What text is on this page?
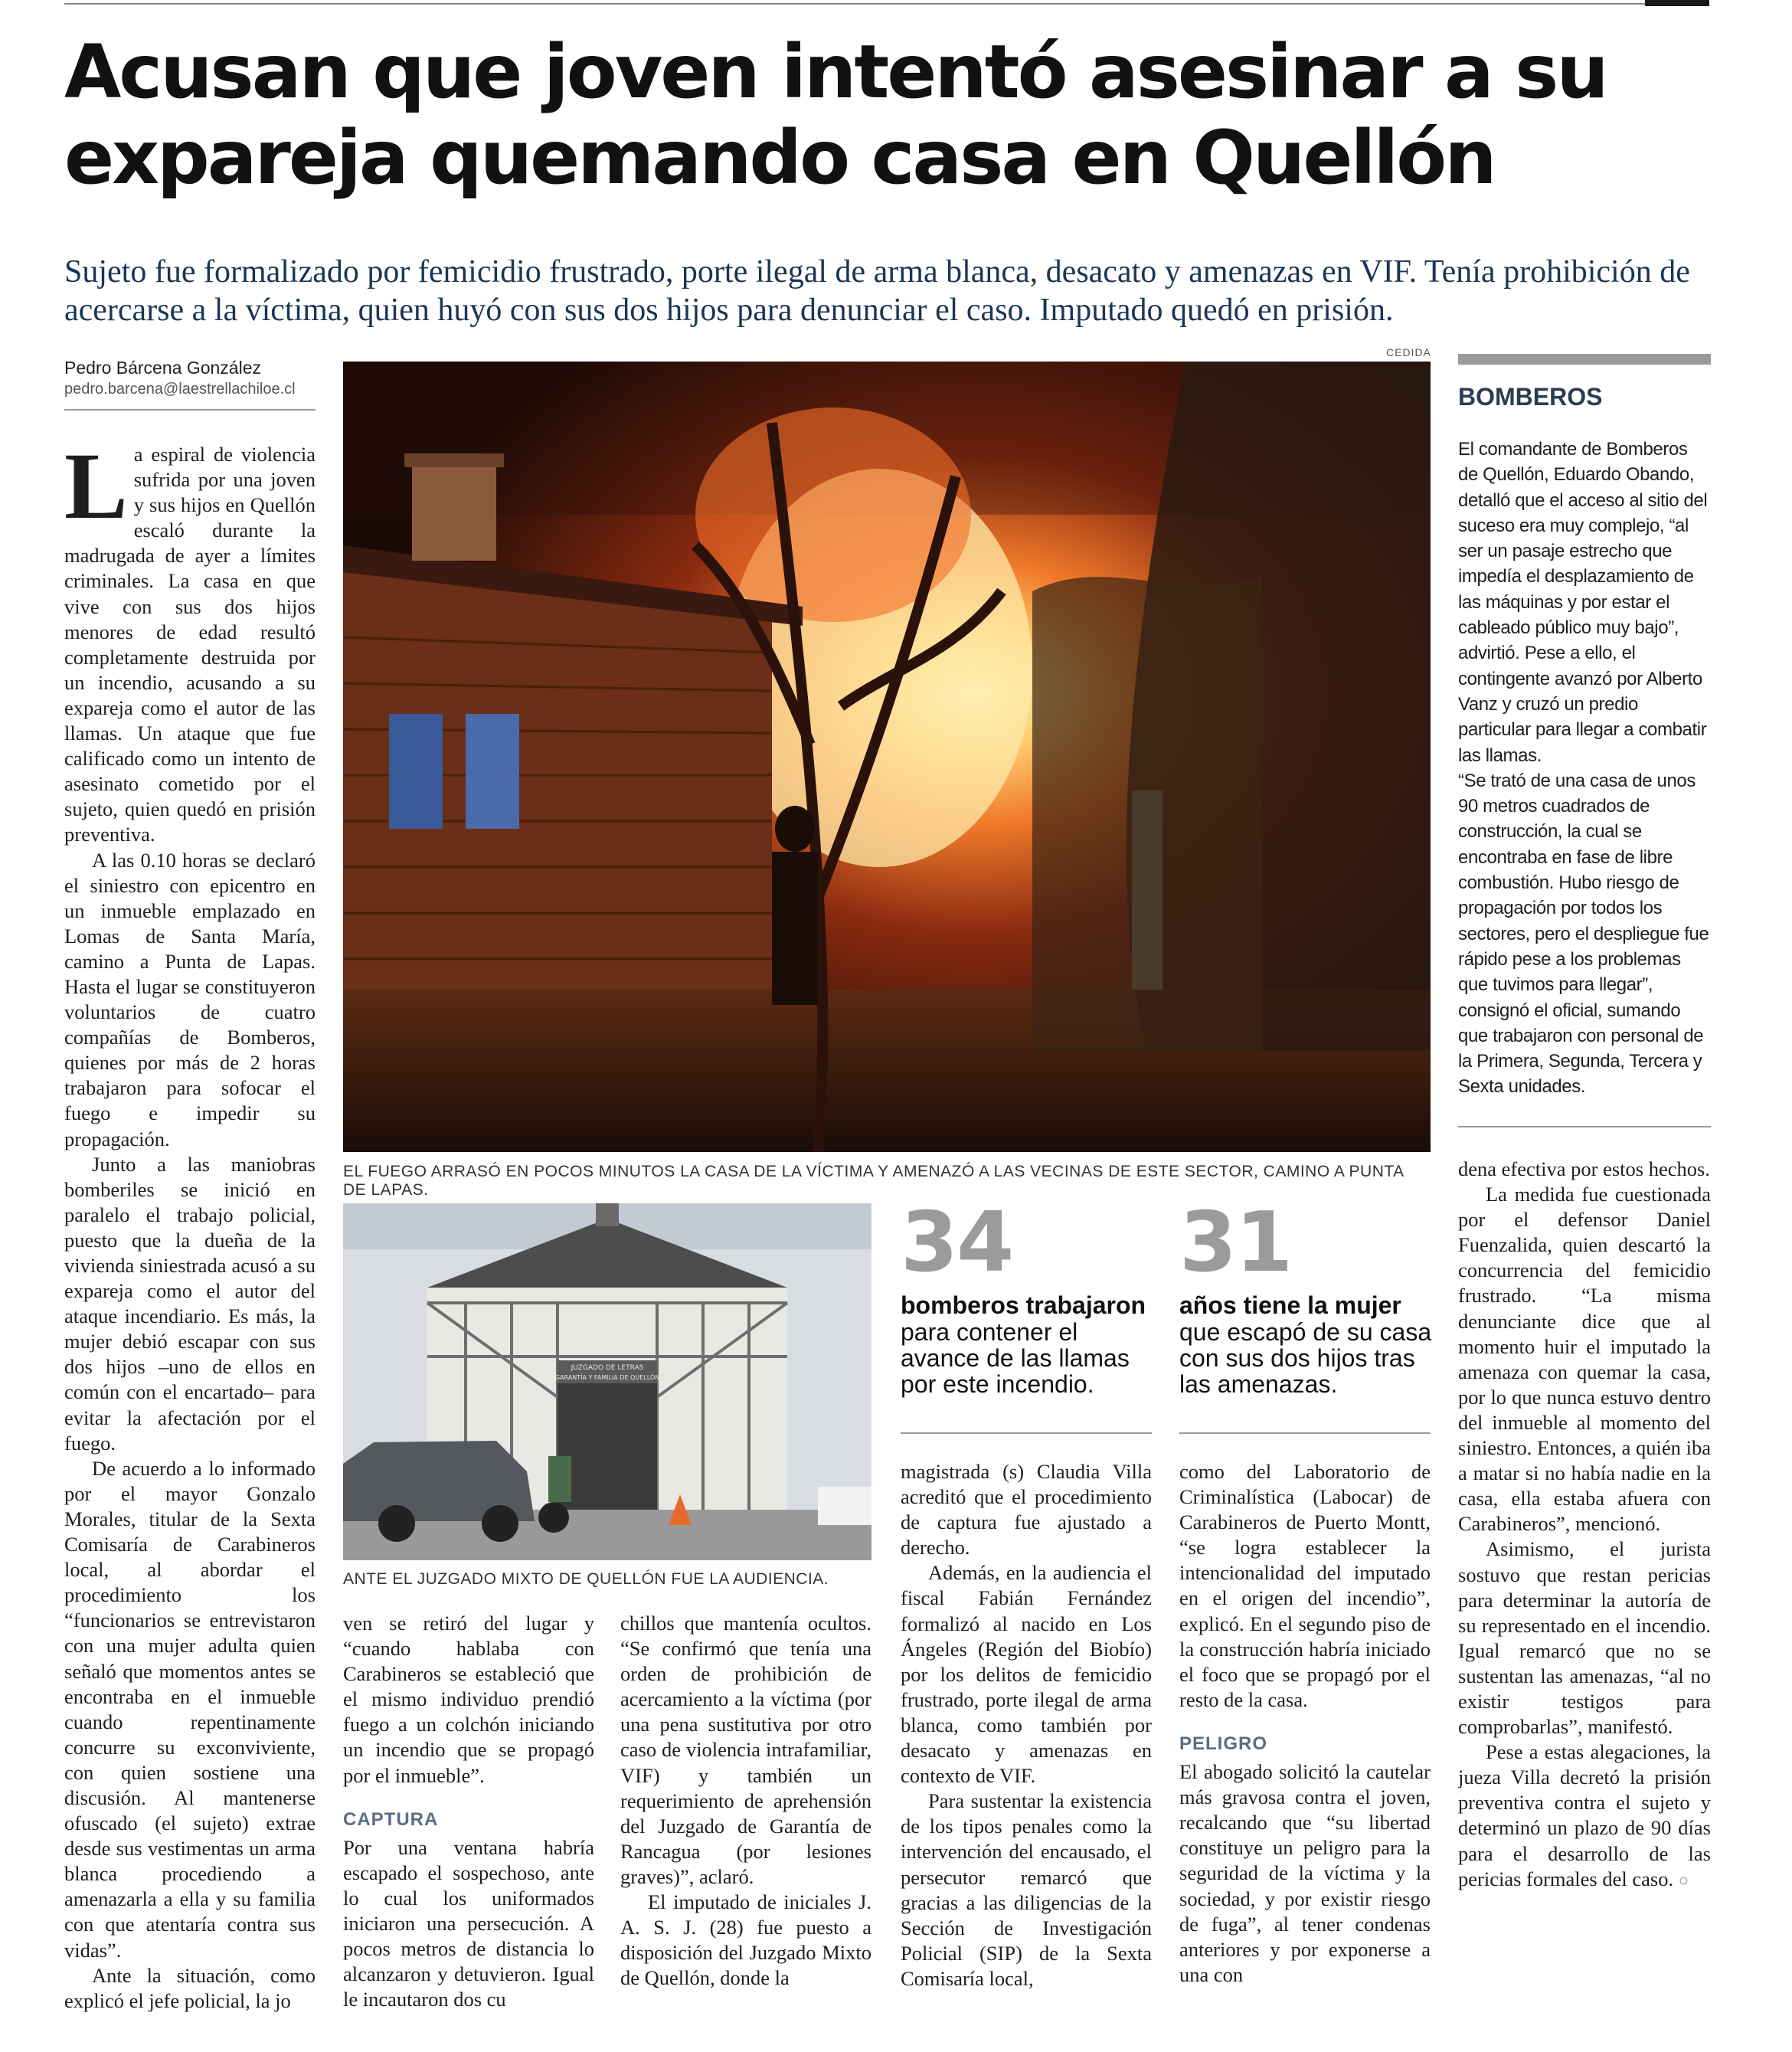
Acusan que joven intentó asesinar a su expareja quemando casa en Quellón
Sujeto fue formalizado por femicidio frustrado, porte ilegal de arma blanca, desacato y amenazas en VIF. Tenía prohibición de acercarse a la víctima, quien huyó con sus dos hijos para denunciar el caso. Imputado quedó en prisión.
Pedro Bárcena González
pedro.barcena@laestrellachiloe.cl

La espiral de violencia sufrida por una joven y sus hijos en Quellón escaló durante la madrugada de ayer a límites criminales. La casa en que vive con sus dos hijos menores de edad resultó completamente destruida por un incendio, acusando a su expareja como el autor de las llamas. Un ataque que fue calificado como un intento de asesinato cometido por el sujeto, quien quedó en prisión preventiva.

A las 0.10 horas se declaró el siniestro con epicentro en un inmueble emplazado en Lomas de Santa María, camino a Punta de Lapas. Hasta el lugar se constituyeron voluntarios de cuatro compañías de Bomberos, quienes por más de 2 horas trabajaron para sofocar el fuego e impedir su propagación.

Junto a las maniobras bomberiles se inició en paralelo el trabajo policial, puesto que la dueña de la vivienda siniestrada acusó a su expareja como el autor del ataque incendiario. Es más, la mujer debió escapar con sus dos hijos –uno de ellos en común con el encartado– para evitar la afectación por el fuego.

De acuerdo a lo informado por el mayor Gonzalo Morales, titular de la Sexta Comisaría de Carabineros local, al abordar el procedimiento los “funcionarios se entrevistaron con una mujer adulta quien señaló que momentos antes se encontraba en el inmueble cuando repentinamente concurre su exconviviente, con quien sostiene una discusión. Al mantenerse ofuscado (el sujeto) extrae desde sus vestimentas un arma blanca procediendo a amenazarla a ella y su familia con que atentaría contra sus vidas”.

Ante la situación, como explicó el jefe policial, la jo

CEDIDA
EL FUEGO ARRASÓ EN POCOS MINUTOS LA CASA DE LA VÍCTIMA Y AMENAZÓ A LAS VECINAS DE ESTE SECTOR, CAMINO A PUNTA DE LAPAS.
JUZGADO DE LETRAS
GARANTÍA Y FAMILIA DE QUELLÓN
ANTE EL JUZGADO MIXTO DE QUELLÓN FUE LA AUDIENCIA.
34
bomberos trabajaron
para contener el avance de las llamas por este incendio.
31
años tiene la mujer
que escapó de su casa con sus dos hijos tras las amenazas.

ven se retiró del lugar y “cuando hablaba con Carabineros se estableció que el mismo individuo prendió fuego a un colchón iniciando un incendio que se propagó por el inmueble”.

CAPTURA

Por una ventana habría escapado el sospechoso, ante lo cual los uniformados iniciaron una persecución. A pocos metros de distancia lo alcanzaron y detuvieron. Igual le incautaron dos cu

chillos que mantenía ocultos. “Se confirmó que tenía una orden de prohibición de acercamiento a la víctima (por una pena sustitutiva por otro caso de violencia intrafamiliar, VIF) y también un requerimiento de aprehensión del Juzgado de Garantía de Rancagua (por lesiones graves)”, aclaró.

El imputado de iniciales J. A. S. J. (28) fue puesto a disposición del Juzgado Mixto de Quellón, donde la

magistrada (s) Claudia Villa acreditó que el procedimiento de captura fue ajustado a derecho.

Además, en la audiencia el fiscal Fabián Fernández formalizó al nacido en Los Ángeles (Región del Biobío) por los delitos de femicidio frustrado, porte ilegal de arma blanca, como también por desacato y amenazas en contexto de VIF.

Para sustentar la existencia de los tipos penales como la intervención del encausado, el persecutor remarcó que gracias a las diligencias de la Sección de Investigación Policial (SIP) de la Sexta Comisaría local,

como del Laboratorio de Criminalística (Labocar) de Carabineros de Puerto Montt, “se logra establecer la intencionalidad del imputado en el origen del incendio”, explicó. En el segundo piso de la construcción habría iniciado el foco que se propagó por el resto de la casa.

PELIGRO

El abogado solicitó la cautelar más gravosa contra el joven, recalcando que “su libertad constituye un peligro para la seguridad de la víctima y la sociedad, y por existir riesgo de fuga”, al tener condenas anteriores y por exponerse a una con

BOMBEROS

El comandante de Bomberos de Quellón, Eduardo Obando, detalló que el acceso al sitio del suceso era muy complejo, “al ser un pasaje estrecho que impedía el desplazamiento de las máquinas y por estar el cableado público muy bajo”, advirtió. Pese a ello, el contingente avanzó por Alberto Vanz y cruzó un predio particular para llegar a combatir las llamas.

“Se trató de una casa de unos 90 metros cuadrados de construcción, la cual se encontraba en fase de libre combustión. Hubo riesgo de propagación por todos los sectores, pero el despliegue fue rápido pese a los problemas que tuvimos para llegar”, consignó el oficial, sumando que trabajaron con personal de la Primera, Segunda, Tercera y Sexta unidades.

dena efectiva por estos hechos.

La medida fue cuestionada por el defensor Daniel Fuenzalida, quien descartó la concurrencia del femicidio frustrado. “La misma denunciante dice que al momento huir el imputado la amenaza con quemar la casa, por lo que nunca estuvo dentro del inmueble al momento del siniestro. Entonces, a quién iba a matar si no había nadie en la casa, ella estaba afuera con Carabineros”, mencionó.

Asimismo, el jurista sostuvo que restan pericias para determinar la autoría de su representado en el incendio. Igual remarcó que no se sustentan las amenazas, “al no existir testigos para comprobarlas”, manifestó.

Pese a estas alegaciones, la jueza Villa decretó la prisión preventiva contra el sujeto y determinó un plazo de 90 días para el desarrollo de las pericias formales del caso. ○
